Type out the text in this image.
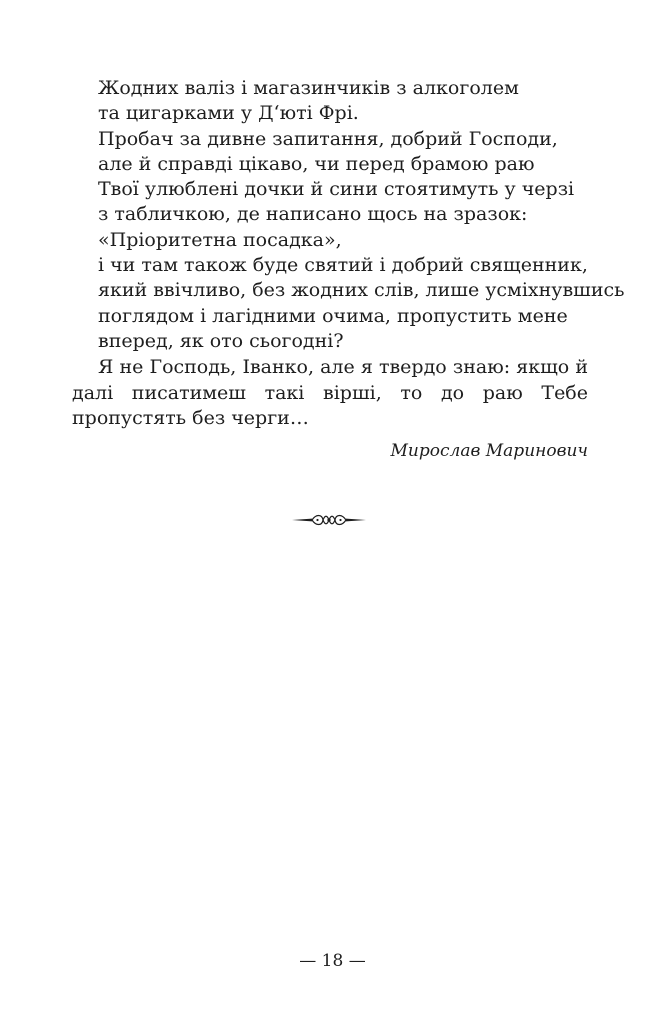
Жодних валіз і магазинчиків з алкоголем
та цигарками у Д‘юті Фрі.
Пробач за дивне запитання, добрий Господи,
але й справді цікаво, чи перед брамою раю
Твої улюблені дочки й сини стоятимуть у черзі
з табличкою, де написано щось на зразок:
«Пріоритетна посадка»,
і чи там також буде святий і добрий священник,
який ввічливо, без жодних слів, лише усміхнувшись
поглядом і лагідними очима, пропустить мене
вперед, як ото сьогодні?

Я не Господь, Іванко, але я твердо знаю: якщо й далі писатимеш такі вірші, то до раю Тебе пропустять без черги…

Мирослав Маринович

— 18 —
